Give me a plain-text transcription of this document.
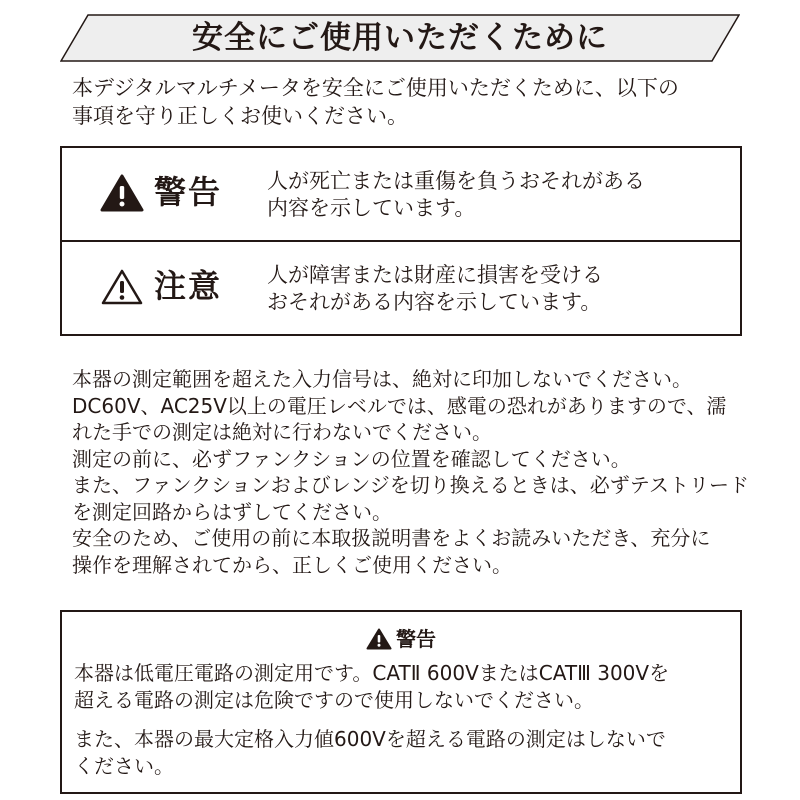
安全にご使用いただくために

本デジタルマルチメータを安全にご使用いただくために、以下の

事項を守り正しくお使いください。

警告 人が死亡または重傷を負うおそれがある

内容を示しています。

注意 人が障害または財産に損害を受ける

おそれがある内容を示しています。

本器の測定範囲を超えた入力信号は、絶対に印加しないでください。

DC60V、AC25V以上の電圧レベルでは、感電の恐れがありますので、濡

れた手での測定は絶対に行わないでください。

測定の前に、必ずファンクションの位置を確認してください。

また、ファンクションおよびレンジを切り換えるときは、必ずテストリード

を測定回路からはずしてください。

安全のため、ご使用の前に本取扱説明書をよくお読みいただき、充分に

操作を理解されてから、正しくご使用ください。

警告

本器は低電圧電路の測定用です。CATⅡ 600VまたはCATⅢ 300Vを

超える電路の測定は危険ですので使用しないでください。

また、本器の最大定格入力値600Vを超える電路の測定はしないで

ください。
